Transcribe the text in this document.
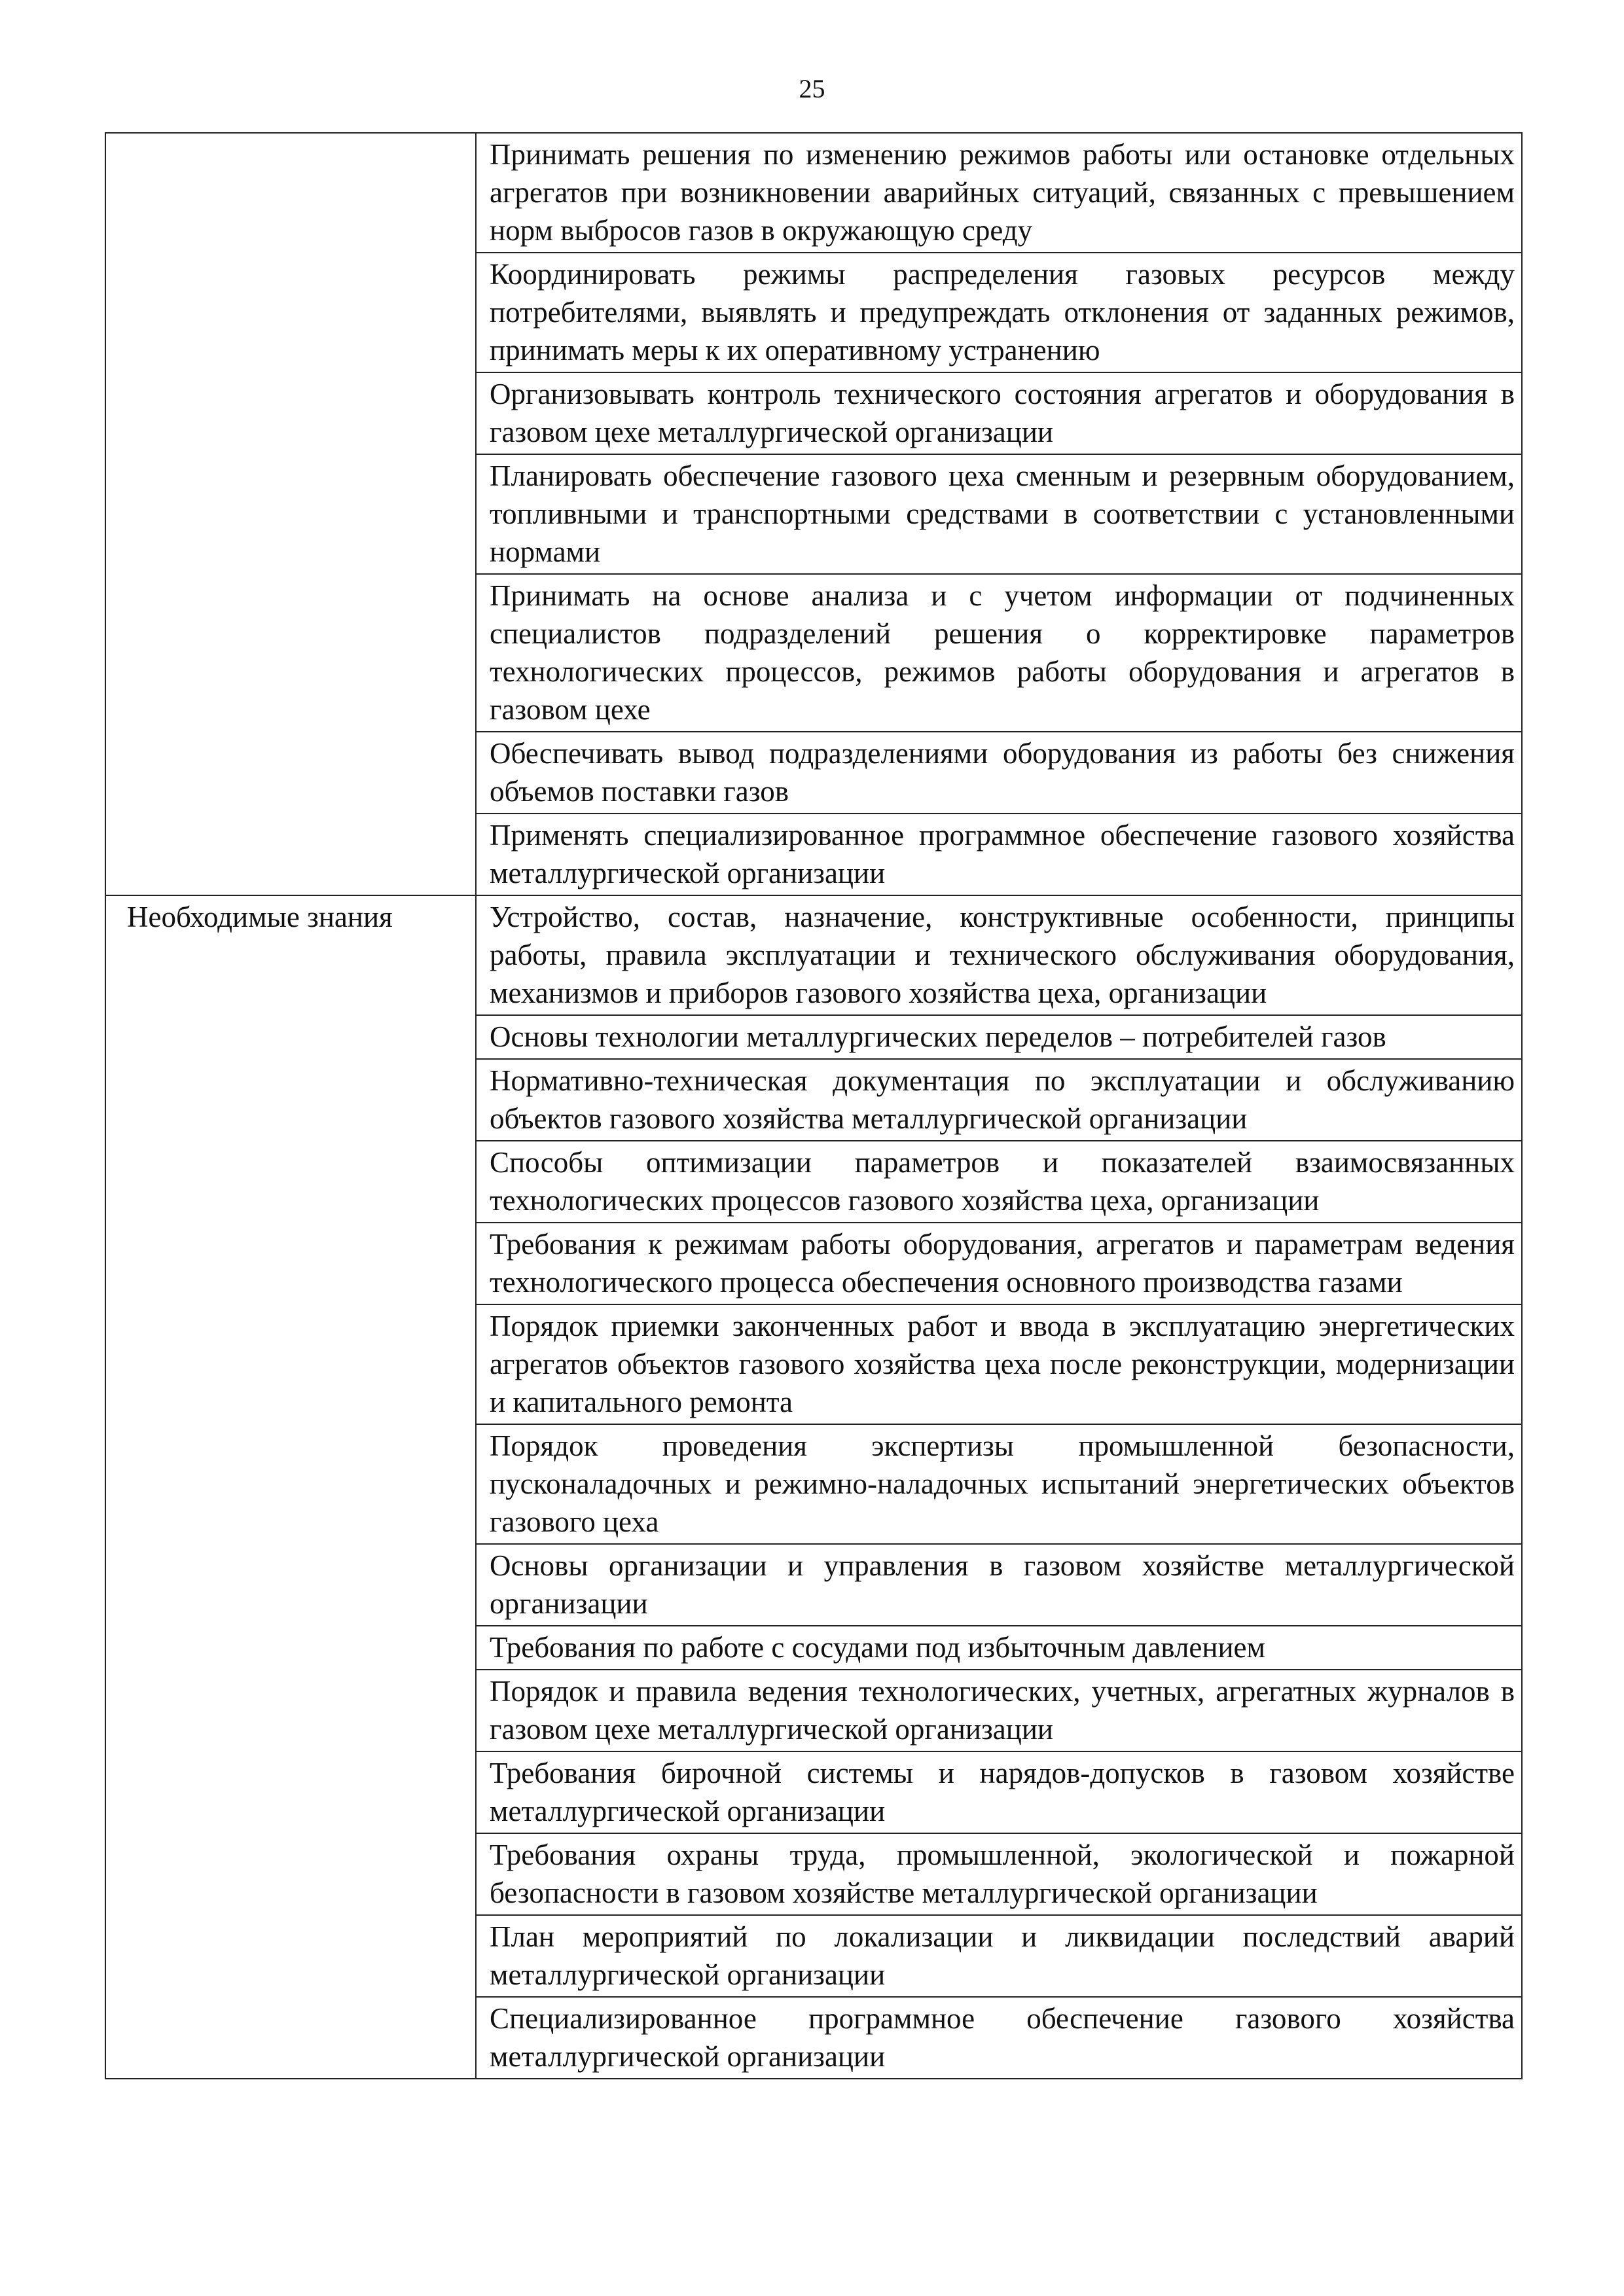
25
	Принимать решения по изменению режимов работы или остановке отдельных агрегатов при возникновении аварийных ситуаций, связанных с превышением норм выбросов газов в окружающую среду
	Координировать режимы распределения газовых ресурсов между потребителями, выявлять и предупреждать отклонения от заданных режимов, принимать меры к их оперативному устранению
	Организовывать контроль технического состояния агрегатов и оборудования в газовом цехе металлургической организации
	Планировать обеспечение газового цеха сменным и резервным оборудованием, топливными и транспортными средствами в соответствии с установленными нормами
	Принимать на основе анализа и с учетом информации от подчиненных специалистов подразделений решения о корректировке параметров технологических процессов, режимов работы оборудования и агрегатов в газовом цехе
	Обеспечивать вывод подразделениями оборудования из работы без снижения объемов поставки газов
	Применять специализированное программное обеспечение газового хозяйства металлургической организации
Необходимые знания	Устройство, состав, назначение, конструктивные особенности, принципы работы, правила эксплуатации и технического обслуживания оборудования, механизмов и приборов газового хозяйства цеха, организации
	Основы технологии металлургических переделов – потребителей газов
	Нормативно-техническая документация по эксплуатации и обслуживанию объектов газового хозяйства металлургической организации
	Способы оптимизации параметров и показателей взаимосвязанных технологических процессов газового хозяйства цеха, организации
	Требования к режимам работы оборудования, агрегатов и параметрам ведения технологического процесса обеспечения основного производства газами
	Порядок приемки законченных работ и ввода в эксплуатацию энергетических агрегатов объектов газового хозяйства цеха после реконструкции, модернизации и капитального ремонта
	Порядок проведения экспертизы промышленной безопасности, пусконаладочных и режимно-наладочных испытаний энергетических объектов газового цеха
	Основы организации и управления в газовом хозяйстве металлургической организации
	Требования по работе с сосудами под избыточным давлением
	Порядок и правила ведения технологических, учетных, агрегатных журналов в газовом цехе металлургической организации
	Требования бирочной системы и нарядов-допусков в газовом хозяйстве металлургической организации
	Требования охраны труда, промышленной, экологической и пожарной безопасности в газовом хозяйстве металлургической организации
	План мероприятий по локализации и ликвидации последствий аварий металлургической организации
	Специализированное программное обеспечение газового хозяйства металлургической организации
